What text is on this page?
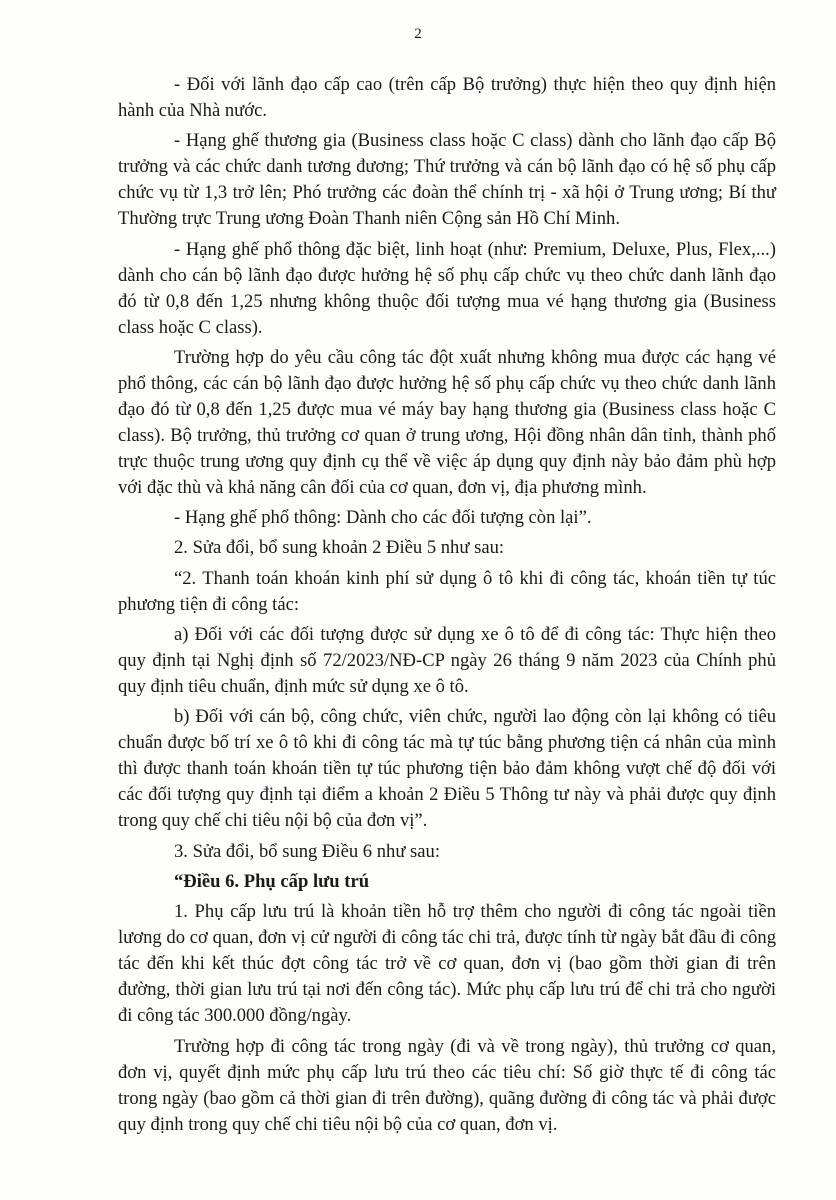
2

- Đối với lãnh đạo cấp cao (trên cấp Bộ trưởng) thực hiện theo quy định hiện hành của Nhà nước.

- Hạng ghế thương gia (Business class hoặc C class) dành cho lãnh đạo cấp Bộ trưởng và các chức danh tương đương; Thứ trưởng và cán bộ lãnh đạo có hệ số phụ cấp chức vụ từ 1,3 trở lên; Phó trưởng các đoàn thể chính trị - xã hội ở Trung ương; Bí thư Thường trực Trung ương Đoàn Thanh niên Cộng sản Hồ Chí Minh.

- Hạng ghế phổ thông đặc biệt, linh hoạt (như: Premium, Deluxe, Plus, Flex,...) dành cho cán bộ lãnh đạo được hưởng hệ số phụ cấp chức vụ theo chức danh lãnh đạo đó từ 0,8 đến 1,25 nhưng không thuộc đối tượng mua vé hạng thương gia (Business class hoặc C class).

Trường hợp do yêu cầu công tác đột xuất nhưng không mua được các hạng vé phổ thông, các cán bộ lãnh đạo được hưởng hệ số phụ cấp chức vụ theo chức danh lãnh đạo đó từ 0,8 đến 1,25 được mua vé máy bay hạng thương gia (Business class hoặc C class). Bộ trưởng, thủ trưởng cơ quan ở trung ương, Hội đồng nhân dân tỉnh, thành phố trực thuộc trung ương quy định cụ thể về việc áp dụng quy định này bảo đảm phù hợp với đặc thù và khả năng cân đối của cơ quan, đơn vị, địa phương mình.

- Hạng ghế phổ thông: Dành cho các đối tượng còn lại”.

2. Sửa đổi, bổ sung khoản 2 Điều 5 như sau:

“2. Thanh toán khoán kinh phí sử dụng ô tô khi đi công tác, khoán tiền tự túc phương tiện đi công tác:

a) Đối với các đối tượng được sử dụng xe ô tô để đi công tác: Thực hiện theo quy định tại Nghị định số 72/2023/NĐ-CP ngày 26 tháng 9 năm 2023 của Chính phủ quy định tiêu chuẩn, định mức sử dụng xe ô tô.

b) Đối với cán bộ, công chức, viên chức, người lao động còn lại không có tiêu chuẩn được bố trí xe ô tô khi đi công tác mà tự túc bằng phương tiện cá nhân của mình thì được thanh toán khoán tiền tự túc phương tiện bảo đảm không vượt chế độ đối với các đối tượng quy định tại điểm a khoản 2 Điều 5 Thông tư này và phải được quy định trong quy chế chi tiêu nội bộ của đơn vị”.

3. Sửa đổi, bổ sung Điều 6 như sau:

“Điều 6. Phụ cấp lưu trú

1. Phụ cấp lưu trú là khoản tiền hỗ trợ thêm cho người đi công tác ngoài tiền lương do cơ quan, đơn vị cử người đi công tác chi trả, được tính từ ngày bắt đầu đi công tác đến khi kết thúc đợt công tác trở về cơ quan, đơn vị (bao gồm thời gian đi trên đường, thời gian lưu trú tại nơi đến công tác). Mức phụ cấp lưu trú để chi trả cho người đi công tác 300.000 đồng/ngày.

Trường hợp đi công tác trong ngày (đi và về trong ngày), thủ trưởng cơ quan, đơn vị, quyết định mức phụ cấp lưu trú theo các tiêu chí: Số giờ thực tế đi công tác trong ngày (bao gồm cả thời gian đi trên đường), quãng đường đi công tác và phải được quy định trong quy chế chi tiêu nội bộ của cơ quan, đơn vị.
